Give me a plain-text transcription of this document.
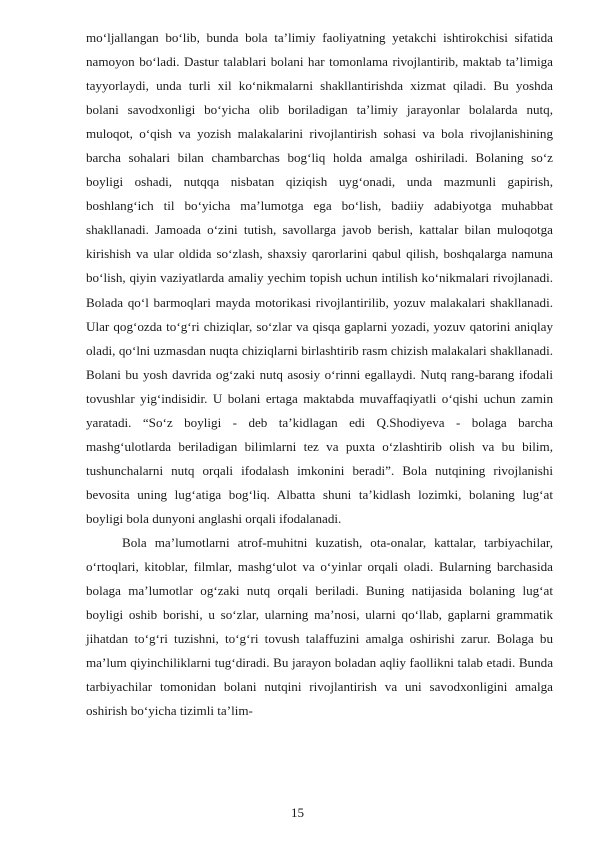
moʻljallangan boʻlib, bunda bola taʼlimiy faoliyatning yetakchi ishtirokchisi sifatida namoyon boʻladi. Dastur talablari bolani har tomonlama rivojlantirib, maktab taʼlimiga tayyorlaydi, unda turli xil koʻnikmalarni shakllantirishda xizmat qiladi. Bu yoshda bolani savodxonligi boʻyicha olib boriladigan taʼlimiy jarayonlar bolalarda nutq, muloqot, oʻqish va yozish malakalarini rivojlantirish sohasi va bola rivojlanishining barcha sohalari bilan chambarchas bogʻliq holda amalga oshiriladi. Bolaning soʻz boyligi oshadi, nutqqa nisbatan qiziqish uygʻonadi, unda mazmunli gapirish, boshlangʻich til boʻyicha maʼlumotga ega boʻlish, badiiy adabiyotga muhabbat shakllanadi. Jamoada oʻzini tutish, savollarga javob berish, kattalar bilan muloqotga kirishish va ular oldida soʻzlash, shaxsiy qarorlarini qabul qilish, boshqalarga namuna boʻlish, qiyin vaziyatlarda amaliy yechim topish uchun intilish koʻnikmalari rivojlanadi. Bolada qoʻl barmoqlari mayda motorikasi rivojlantirilib, yozuv malakalari shakllanadi. Ular qogʻozda toʻgʻri chiziqlar, soʻzlar va qisqa gaplarni yozadi, yozuv qatorini aniqlay oladi, qoʻlni uzmasdan nuqta chiziqlarni birlashtirib rasm chizish malakalari shakllanadi. Bolani bu yosh davrida ogʻzaki nutq asosiy oʻrinni egallaydi. Nutq rang-barang ifodali tovushlar yigʻindisidir. U bolani ertaga maktabda muvaffaqiyatli oʻqishi uchun zamin yaratadi. “Soʻz boyligi - deb taʼkidlagan edi Q.Shodiyeva - bolaga barcha mashgʻulotlarda beriladigan bilimlarni tez va puxta oʻzlashtirib olish va bu bilim, tushunchalarni nutq orqali ifodalash imkonini beradi”. Bola nutqining rivojlanishi bevosita uning lugʻatiga bogʻliq. Albatta shuni taʼkidlash lozimki, bolaning lugʻat boyligi bola dunyoni anglashi orqali ifodalanadi.

Bola maʼlumotlarni atrof-muhitni kuzatish, ota-onalar, kattalar, tarbiyachilar, oʻrtoqlari, kitoblar, filmlar, mashgʻulot va oʻyinlar orqali oladi. Bularning barchasida bolaga maʼlumotlar ogʻzaki nutq orqali beriladi. Buning natijasida bolaning lugʻat boyligi oshib borishi, u soʻzlar, ularning maʼnosi, ularni qoʻllab, gaplarni grammatik jihatdan toʻgʻri tuzishni, toʻgʻri tovush talaffuzini amalga oshirishi zarur. Bolaga bu maʼlum qiyinchiliklarni tugʻdiradi. Bu jarayon boladan aqliy faollikni talab etadi. Bunda tarbiyachilar tomonidan bolani nutqini rivojlantirish va uni savodxonligini amalga oshirish boʻyicha tizimli taʼlim-

15
